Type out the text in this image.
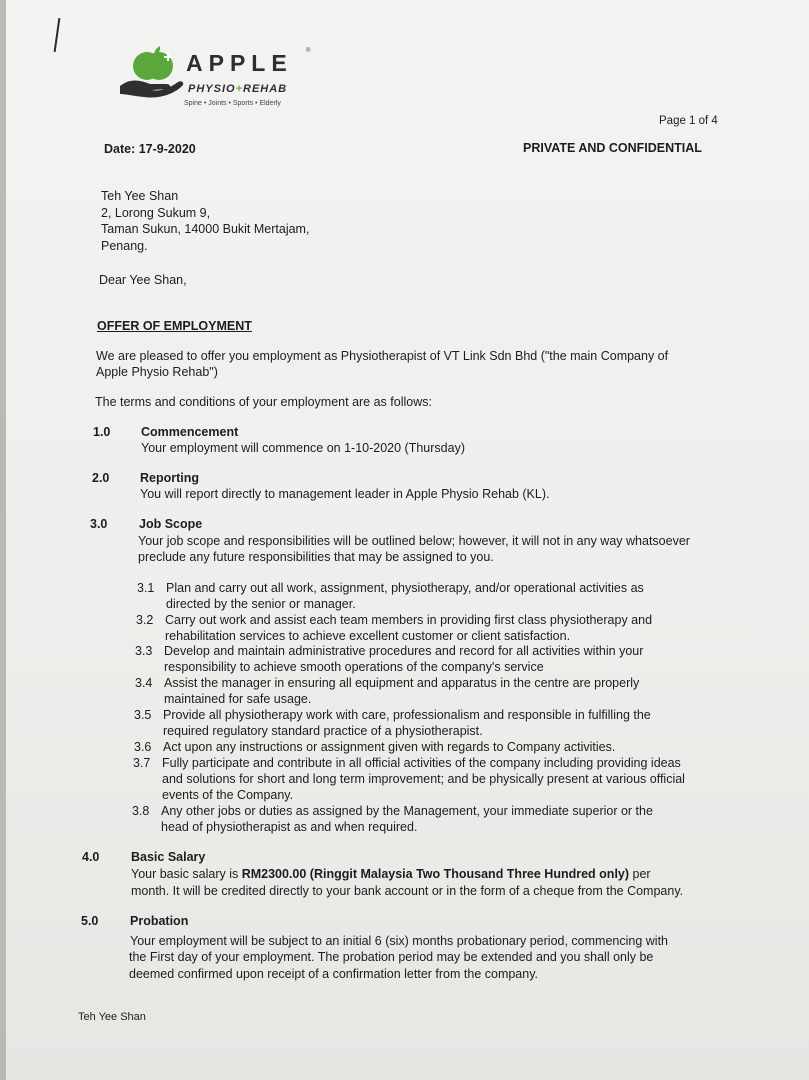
APPLE ®
PHYSIO+REHAB
Spine • Joints • Sports • Elderly
Page 1 of 4
Date: 17-9-2020	PRIVATE AND CONFIDENTIAL
Teh Yee Shan
2, Lorong Sukum 9,
Taman Sukun, 14000 Bukit Mertajam,
Penang.
Dear Yee Shan,
OFFER OF EMPLOYMENT
We are pleased to offer you employment as Physiotherapist of VT Link Sdn Bhd ("the main Company of
Apple Physio Rehab")
The terms and conditions of your employment are as follows:
1.0 Commencement
Your employment will commence on 1-10-2020 (Thursday)
2.0 Reporting
You will report directly to management leader in Apple Physio Rehab (KL).
3.0	Job Scope
Your job scope and responsibilities will be outlined below; however, it will not in any way whatsoever
preclude any future responsibilities that may be assigned to you.
3.1 Plan and carry out all work, assignment, physiotherapy, and/or operational activities as
directed by the senior or manager.
3.2 Carry out work and assist each team members in providing first class physiotherapy and
rehabilitation services to achieve excellent customer or client satisfaction.
3.3 Develop and maintain administrative procedures and record for all activities within your
responsibility to achieve smooth operations of the company's service
3.4 Assist the manager in ensuring all equipment and apparatus in the centre are properly
maintained for safe usage.
3.5 Provide all physiotherapy work with care, professionalism and responsible in fulfilling the
required regulatory standard practice of a physiotherapist.
3.6 Act upon any instructions or assignment given with regards to Company activities.
3.7 Fully participate and contribute in all official activities of the company including providing ideas
and solutions for short and long term improvement; and be physically present at various official
events of the Company.
3.8 Any other jobs or duties as assigned by the Management, your immediate superior or the
head of physiotherapist as and when required.
4.0	Basic Salary
Your basic salary is RM2300.00 (Ringgit Malaysia Two Thousand Three Hundred only) per
month. It will be credited directly to your bank account or in the form of a cheque from the Company.
5.0	Probation
Your employment will be subject to an initial 6 (six) months probationary period, commencing with
the First day of your employment. The probation period may be extended and you shall only be
deemed confirmed upon receipt of a confirmation letter from the company.
Teh Yee Shan
